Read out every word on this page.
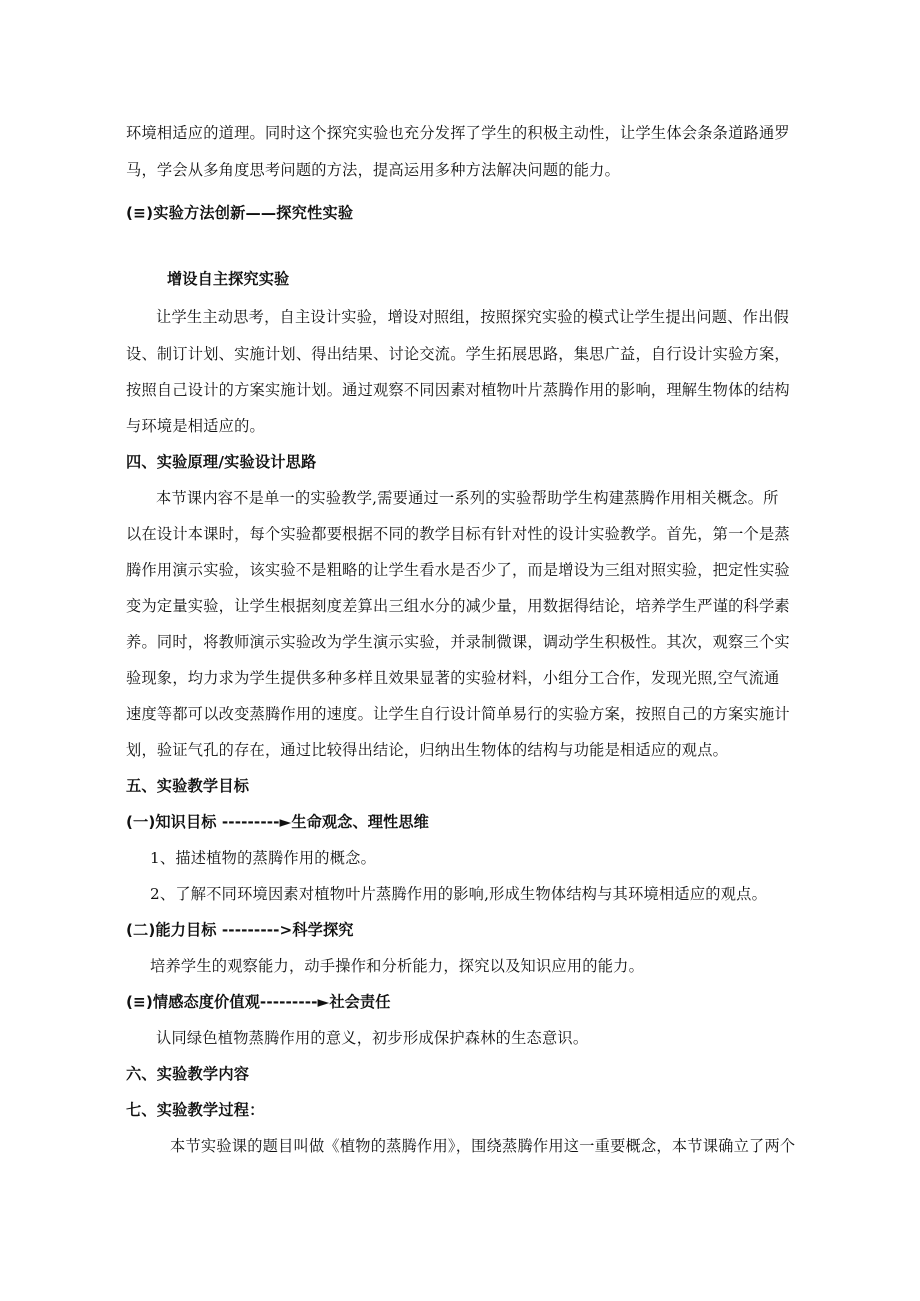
环境相适应的道理。同时这个探究实验也充分发挥了学生的积极主动性，让学生体会条条道路通罗
马，学会从多角度思考问题的方法，提高运用多种方法解决问题的能力。
(≡)实验方法创新——探究性实验
增设自主探究实验
让学生主动思考，自主设计实验，增设对照组，按照探究实验的模式让学生提出问题、作出假
设、制订计划、实施计划、得出结果、讨论交流。学生拓展思路，集思广益，自行设计实验方案，
按照自己设计的方案实施计划。通过观察不同因素对植物叶片蒸腾作用的影响，理解生物体的结构
与环境是相适应的。
四、实验原理/实验设计思路
本节课内容不是单一的实验教学,需要通过一系列的实验帮助学生构建蒸腾作用相关概念。所
以在设计本课时，每个实验都要根据不同的教学目标有针对性的设计实验教学。首先，第一个是蒸
腾作用演示实验，该实验不是粗略的让学生看水是否少了，而是增设为三组对照实验，把定性实验
变为定量实验，让学生根据刻度差算出三组水分的减少量，用数据得结论，培养学生严谨的科学素
养。同时，将教师演示实验改为学生演示实验，并录制微课，调动学生积极性。其次，观察三个实
验现象，均力求为学生提供多种多样且效果显著的实验材料，小组分工合作，发现光照,空气流通
速度等都可以改变蒸腾作用的速度。让学生自行设计简单易行的实验方案，按照自己的方案实施计
划，验证气孔的存在，通过比较得出结论，归纳出生物体的结构与功能是相适应的观点。
五、实验教学目标
(一)知识目标 ---------►生命观念、理性思维
1、描述植物的蒸腾作用的概念。
2、了解不同环境因素对植物叶片蒸腾作用的影响,形成生物体结构与其环境相适应的观点。
(二)能力目标 --------->科学探究
培养学生的观察能力，动手操作和分析能力，探究以及知识应用的能力。
(≡)情感态度价值观---------►社会责任
认同绿色植物蒸腾作用的意义，初步形成保护森林的生态意识。
六、实验教学内容
七、实验教学过程：
本节实验课的题目叫做《植物的蒸腾作用》，围绕蒸腾作用这一重要概念，本节课确立了两个
